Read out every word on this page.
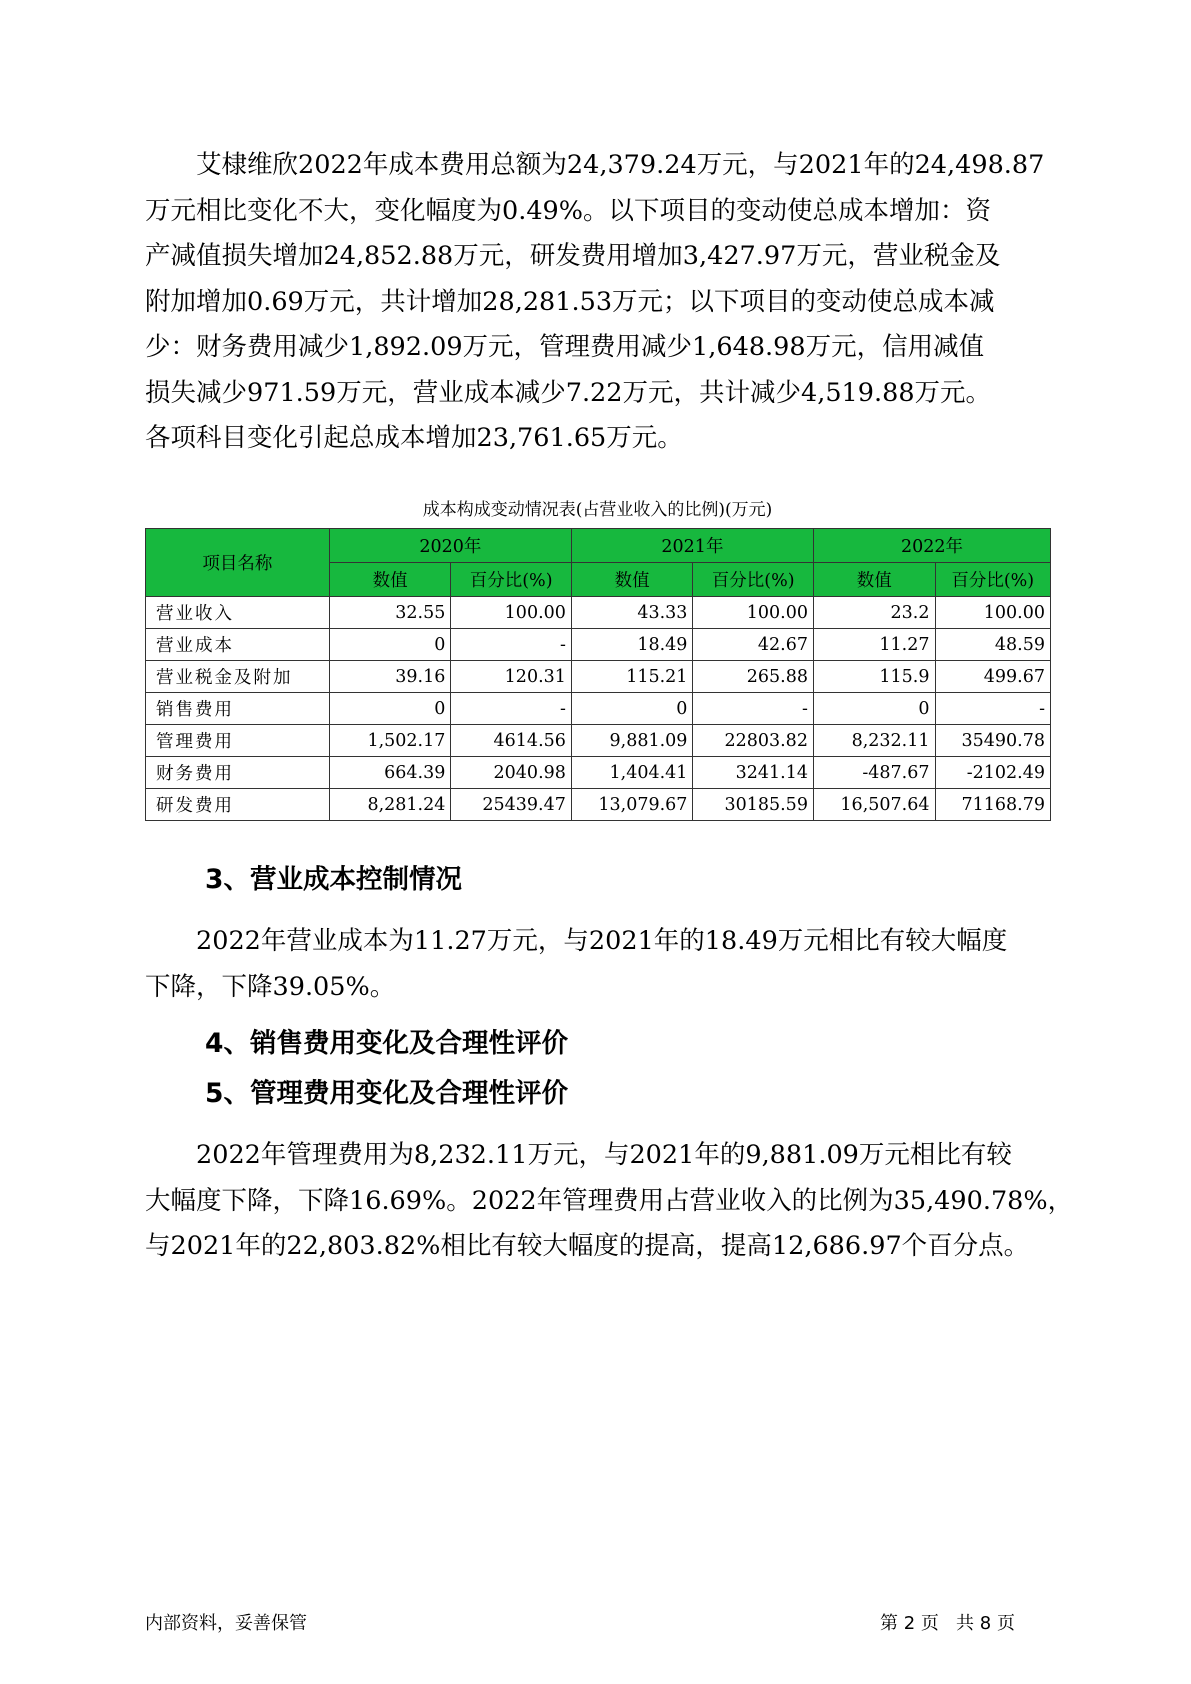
艾棣维欣2022年成本费用总额为24,379.24万元，与2021年的24,498.87
万元相比变化不大，变化幅度为0.49%。以下项目的变动使总成本增加：资
产减值损失增加24,852.88万元，研发费用增加3,427.97万元，营业税金及
附加增加0.69万元，共计增加28,281.53万元；以下项目的变动使总成本减
少：财务费用减少1,892.09万元，管理费用减少1,648.98万元，信用减值
损失减少971.59万元，营业成本减少7.22万元，共计减少4,519.88万元。
各项科目变化引起总成本增加23,761.65万元。

成本构成变动情况表(占营业收入的比例)(万元)
项目名称	2020年		2021年		2022年	
	数值	百分比(%)	数值	百分比(%)	数值	百分比(%)
营业收入	32.55	100.00	43.33	100.00	23.2	100.00
营业成本	0	-	18.49	42.67	11.27	48.59
营业税金及附加	39.16	120.31	115.21	265.88	115.9	499.67
销售费用	0	-	0	-	0	-
管理费用	1,502.17	4614.56	9,881.09	22803.82	8,232.11	35490.78
财务费用	664.39	2040.98	1,404.41	3241.14	-487.67	-2102.49
研发费用	8,281.24	25439.47	13,079.67	30185.59	16,507.64	71168.79
3、营业成本控制情况

2022年营业成本为11.27万元，与2021年的18.49万元相比有较大幅度
下降，下降39.05%。

4、销售费用变化及合理性评价
5、管理费用变化及合理性评价

2022年管理费用为8,232.11万元，与2021年的9,881.09万元相比有较
大幅度下降，下降16.69%。2022年管理费用占营业收入的比例为35,490.78%，
与2021年的22,803.82%相比有较大幅度的提高，提高12,686.97个百分点。

内部资料，妥善保管	第 2 页   共 8 页
